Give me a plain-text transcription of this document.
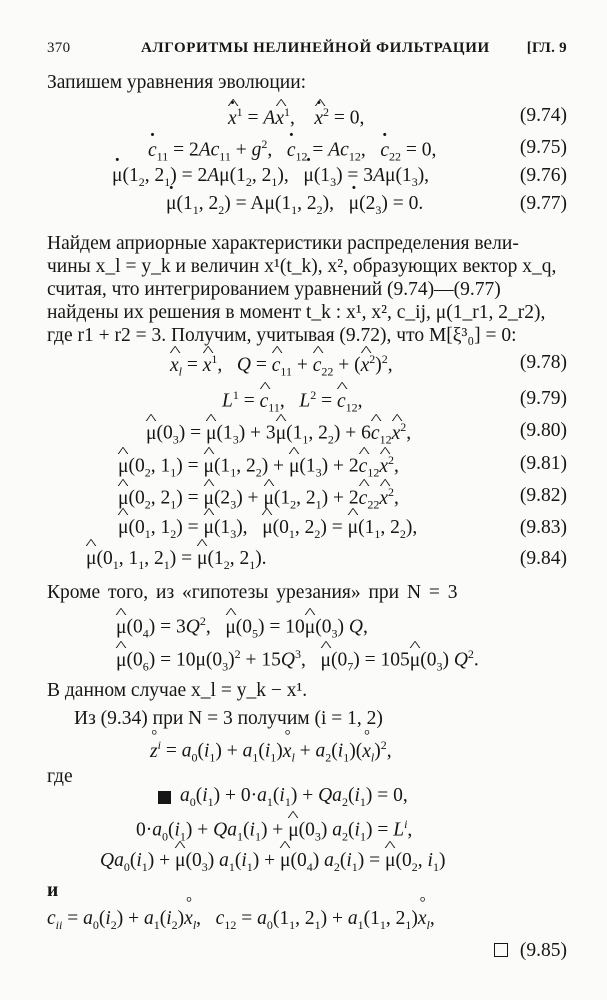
370	АЛГОРИТМЫ НЕЛИНЕЙНОЙ ФИЛЬТРАЦИИ [ГЛ. 9
Запишем уравнения эволюции:
· ^ $x^1$ = A^ $x^1$,    · ^ $x^2 = 0$,	(9.74)
· $c_{11} = 2Ac_{11} + g^2$,   · $c_{12} = Ac_{12}$,   · $c_{22} = 0$,	(9.75)
· $\mu(1_2$, $2_1) = 2A\mu(1_2$, $2_1$),   · $\mu(1_3) = 3A\mu(1_3)$,	(9.76)
· $\mu(1_1$, $2_2) = A\mu(1_1$, $2_2$),   · $\mu(2_3) = 0$.	(9.77)
Найдем априорные характеристики распределения вели-
чины x_l = y_k и величин x¹(t_k), x², образующих вектор x_q,
считая, что интегрированием уравнений (9.74)—(9.77)
найдены их решения в момент t_k : x¹, x², c_ij, μ(1_r1, 2_r2),
где r1 + r2 = 3. Получим, учитывая (9.72), что M[ξ³₀] = 0:
^ $x_l$ = ^ $x^1$,   Q = ^ $c_{11}$ + ^ $c_{22}$ + (^ $x^2)^2$,	(9.78)
$L^1$ = ^ $c_{11}$,   $L^2$ = ^ $c_{12}$,	(9.79)
^ $\mu(0_3)$ = ^ $\mu(1_3)$ + 3^ $\mu(1_1$, $2_2$) + 6^ $c_{12}\^{}$ $x^2$,	(9.80)
^ $\mu(0_2$, $1_1$) = ^ $\mu(1_1$, $2_2$) + ^ $\mu(1_3)$ + 2^ $c_{12}\^{}$ $x^2$,	(9.81)
^ $\mu(0_2$, $2_1$) = ^ $\mu(2_3)$ + ^ $\mu(1_2$, $2_1$) + 2^ $c_{22}\^{}$ $x^2$,	(9.82)
^ $\mu(0_1$, $1_2$) = ^ $\mu(1_3)$,   ^ $\mu(0_1$, $2_2$) = ^ $\mu(1_1$, $2_2$),	(9.83)
^ $\mu(0_1$, $1_1$, $2_1$) = ^ $\mu(1_2$, $2_1$).	(9.84)
Кроме того, из «гипотезы урезания» при N = 3
^ $\mu(0_4) = 3Q^2$,   ^ $\mu(0_5)$ = 10^ $\mu(0_3)$ Q,
^ $\mu(0_6) = 10\mu(0_3)^2 + 15Q^3$,   ^ $\mu(0_7)$ = 105^ $\mu(0_3)$ $Q^2$.
В данном случае x_l = y_k − x¹.
Из (9.34) при N = 3 получим (i = 1, 2)
° $z^i = a_0(i_1) + a_1(i_1)^\circ$ $x_l + a_2(i_1)(^\circ$ $x_l)^2$,
где
$a_0(i_1) + 0\cdot a_1(i_1) + Qa_2(i_1) = 0$,
$0\cdot a_0(i_1) + Qa_1(i_1)$ + ^ $\mu(0_3) a_2(i_1) = L^i$,
$Qa_0(i_1)$ + ^ $\mu(0_3) a_1(i_1)$ + ^ $\mu(0_4) a_2(i_1)$ = ^ $\mu(0_2$, $i_1$)
и
$c_{ii} = a_0(i_2) + a_1(i_2)^\circ$ $x_l$,   $c_{12} = a_0(1_1$, $2_1) + a_1(1_1$, $2_1)^\circ$ $x_l$,
(9.85)
